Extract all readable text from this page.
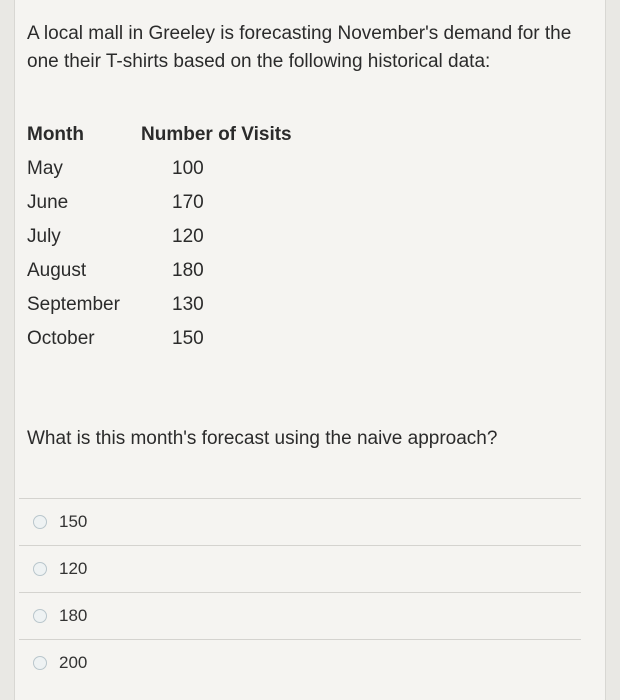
A local mall in Greeley is forecasting November's demand for the one their T-shirts based on the following historical data:

Month	Number of Visits
May	100
June	170
July	120
August	180
September	130
October	150

What is this month's forecast using the naive approach?

150
120
180
200
